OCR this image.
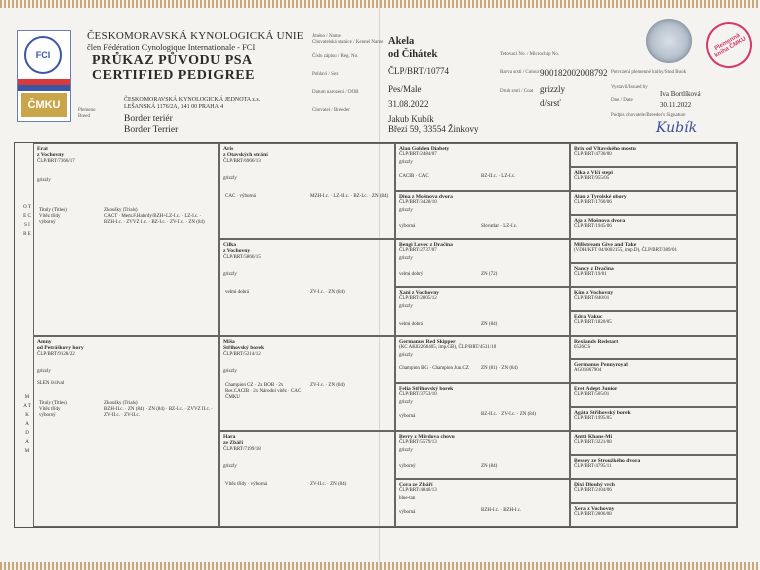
FCI
ČMKU
ČESKOMORAVSKÁ KYNOLOGICKÁ UNIE
člen Fédération Cynologique Internationale - FCI
PRŮKAZ PŮVODU PSA
CERTIFIED PEDIGREE
ČESKOMORAVSKÁ KYNOLOGICKÁ JEDNOTA z.s.
LEŠANSKÁ 1176/2A, 141 00 PRAHA 4
Plemeno
Breed	Border teriér
Border Terrier
Jméno / Name
Chovatelská stanice / Kennel Name Akela
od Čihátek
Číslo zápisu / Reg. No.
ČLP/BRT/10774
Pohlaví / Sex
Pes/Male
Datum narození / DOB
31.08.2022
Chovatel / Breeder
Jakub Kubík
Březí 59, 33554 Žinkovy
Tetovací No. / Microchip No.
900182002008792
Barva srsti / Colour
grizzly
Druh srsti / Coat
d/srsť
Potvrzení plemenné knihy/Stud Book
Vystavil/Issued by
Iva Bortlíková
Dne / Date
30.11.2022
Podpis chovatele/Breeder's Signature
Kubík
Plemenná kniha ČMKU
O T E C S I R E
M A T K A D A M
Erat
z Vochovny
ČLP/BRT/7366/17
grizzly
Tituly (Titles)
Vítěz třídy
výborný
Zkoušky (Trials)
CACT · Mem.F.Habrdy/BZH+LZ-I.c. · LZ-I.c. · BZH-I.c. · ZVVZ I.c. · BZ-I.c. · ZV-I.c. · ZN (84)
Amny
od Petráškovy hory
ČLP/BRT/9128/22
grizzly
SLEN švilval
Tituly (Titles)
Vítěz třídy
výborný
Zkoušky (Trials)
BZH-II.c. · ZN (84) · ZN (84) · BZ-I.c. · ZVVZ II.c. · ZV-II.c. · ZV-II.c.
Aris
z Otavských strání
ČLP/BRT/6966/13
grizzly
CAC · výborná	MZH-I.c. · LZ-II.c. · BZ-I.c. · ZN (84)
Cilka
z Vochovny
ČLP/BRT/5866/15
grizzly
velmi dobrá	ZV-I.c. · ZN (84)
Míša
Střihovský borek
ČLP/BRT/5214/12
grizzly
Champion CZ · 2x BOB · 2x Res.CACIB · 2x Národní vítěz · CAC ČMKU
ZV-I.c. · ZN (84)
Hara
ze Zbáří
ČLP/BRT/7199/18
grizzly
Vítěz třídy · výborná	ZV-II.c. · ZN (84)
Alan Golden Diabety
ČLP/BRT/2484/07
grizzly
CACIB · CAC	BZ-II.c. · LZ-I.c.
Dina z Mošnova dvora
ČLP/BRT/3428/10
grizzly
výborná	Slovatlar · LZ-I.c.
Bengi Lovec z Dračina
ČLP/BRT/2737/07
grizzly
velmi dobrý	ZN (72)
Xani z Vochovny
ČLP/BRT/2805/12
grizzly
velmi dobrá	ZN (84)
Germanus Red Skipper
(KC AK02266405, imp.GB), ČLP/BRT/4531/10
grizzly
Champion BG · Champion Jun.CZ	ZN (81) · ZN (84)
Felia Střihovský borek
ČLP/BRT/3753/10
grizzly
výborná	BZ-II.c. · ZV-I.c. · ZN (84)
Berry z Mirdova chovu
ČLP/BRT/5579/13
grizzly
výborný	ZN (84)
Cora ze Zbáří
ČLP/BRT/4846/13
blue-tan
výborná	BZH-I.c. · BZH-I.c.
Brix od Vltavského mostu
ČLP/BRT/4730/00
Alka z Vlčí stepi
ČLP/BRT/955/05
Alan z Tyrolské obory
ČLP/BRT/1760/06
Aja z Mošnova dvora
ČLP/BRT/1945/06
Millstream Give and Take
(VDH/KFT 04/0002155, imp.D), ČLP/BRT/389/01
Nancy z Dračina
ČLP/BRT/19/01
Kim z Vochovny
ČLP/BRT/840/01
Edra Vakuc
ČLP/BRT/1820/05
Rexlands Redstart
0526CS
Germanus Pennyroyal
AG01867904
Eret Adept Junior
ČLP/BRT/505/01
Agáta Střihovský borek
ČLP/BRT/1995/05
Antti Khans-Mi
ČLP/BRT/3221/08
Bessey ze Stroužkého dvora
ČLP/BRT/4795/11
Dixi Dlouhý vrch
ČLP/BRT/2104/06
Xera z Vochovny
ČLP/BRT/2806/08
